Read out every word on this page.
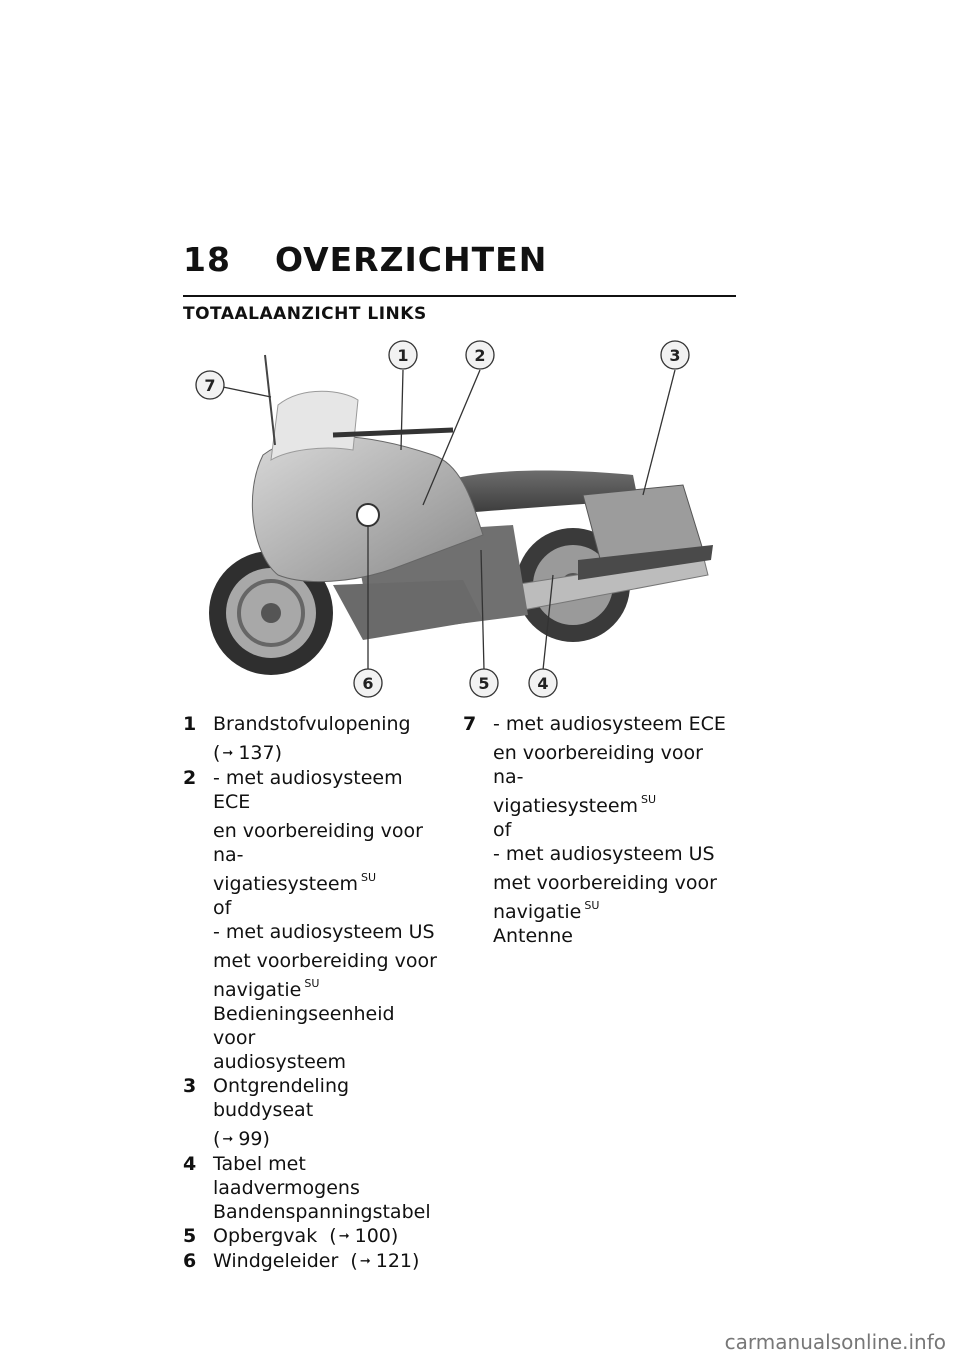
18 OVERZICHTEN
TOTAALAANZICHT LINKS
7
1	2	3
6	5	4
1 Brandstofvulopening
( ➞ 137)
2 - met audiosysteem ECE
en voorbereiding voor na-
vigatiesysteem $^{SU}$
of
- met audiosysteem US
met voorbereiding voor
navigatie $^{SU}$
Bedieningseenheid voor
audiosysteem
3 Ontgrendeling buddyseat
( ➞ 99)
4 Tabel met laadvermogens
Bandenspanningstabel
5 Opbergvak ( ➞ 100)
6 Windgeleider ( ➞ 121)
7 - met audiosysteem ECE
en voorbereiding voor na-
vigatiesysteem $^{SU}$
of
- met audiosysteem US
met voorbereiding voor
navigatie $^{SU}$
Antenne
carmanualsonline.info
